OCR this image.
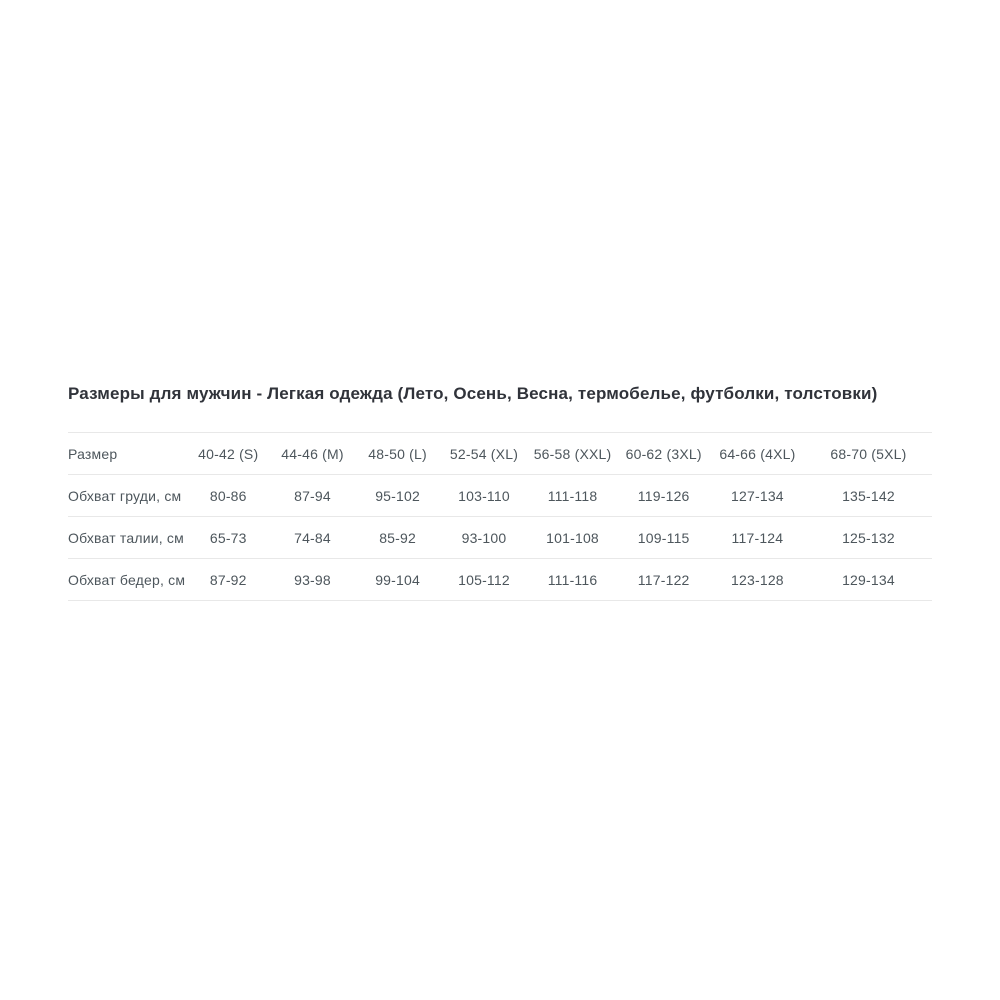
Размеры для мужчин - Легкая одежда (Лето, Осень, Весна, термобелье, футболки, толстовки)
Размер	40-42 (S)	44-46 (M)	48-50 (L)	52-54 (XL)	56-58 (XXL)	60-62 (3XL)	64-66 (4XL)	68-70 (5XL)
Обхват груди, см	80-86	87-94	95-102	103-110	111-118	119-126	127-134	135-142
Обхват талии, см	65-73	74-84	85-92	93-100	101-108	109-115	117-124	125-132
Обхват бедер, см	87-92	93-98	99-104	105-112	111-116	117-122	123-128	129-134
